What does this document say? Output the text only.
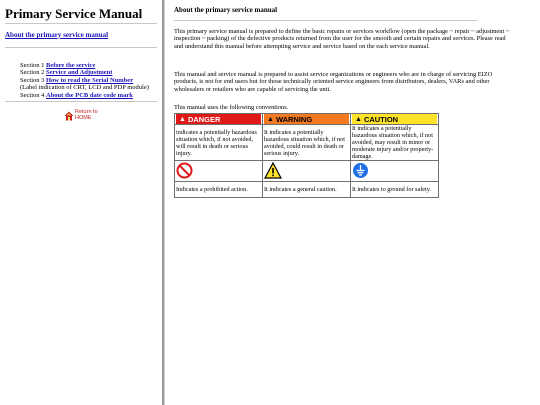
Primary Service Manual
About the primary service manual
Section 1 Before the service
Section 2 Service and Adjustment
Section 3 How to read the Serial Number
(Label indication of CRT, LCD and PDP module)
Section 4 About the PCB date code mark
Return to
HOME
About the primary service manual

This primary service manual is prepared to define the basic repairs or services workflow (open the package ~ repair ~ adjustment ~ inspection ~ packing) of the defective products returned from the user for the smooth and certain repairs and services. Please read and understand this manual before attempting service and service based on the each service manual.

This manual and service manual is prepared to assist service organizations or engineers who are in charge of servicing EIZO products, is not for end users but for those technically oriented service engineers from distributors, dealers, VARs and other wholesalers or retailers who are capable of servicing the unit.

This manual uses the following conventions.

▲ DANGER	▲ WARNING	▲ CAUTION

indicates a potentially hazardous situation which, if not avoided, will result in death or serious injury.	It indicates a potentially hazardous situation which, if not avoided, could result in death or serious injury.	It indicates a potentially hazardous situation which, if not avoided, may result in minor or moderate injury and/or property-damage.

Indicates a prohibited action.	It indicates a general caution.	It indicates to ground for safety.
